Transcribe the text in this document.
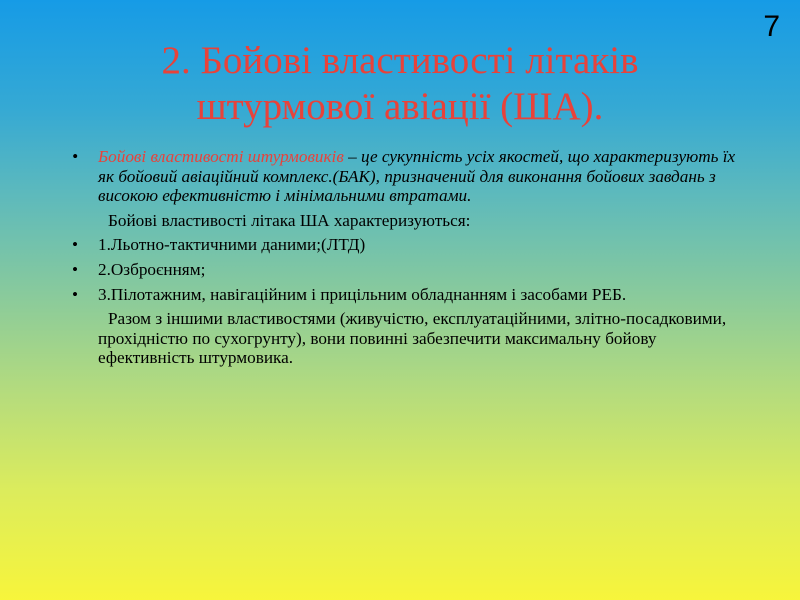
7
2. Бойові властивості літаків
штурмової авіації (ША).
• Бойові властивості штурмовиків – це сукупність усіх якостей, що характеризують їх як бойовий авіаційний комплекс.(БАК), призначений для виконання бойових завдань з високою ефективністю і мінімальними втратами.
Бойові властивості літака ША характеризуються:
• 1.Льотно-тактичними даними;(ЛТД)
• 2.Озброєнням;
• 3.Пілотажним, навігаційним і прицільним обладнанням і засобами РЕБ.
Разом з іншими властивостями (живучістю, експлуатаційними, злітно-посадковими, прохідністю по сухогрунту), вони повинні забезпечити максимальну бойову ефективність штурмовика.
